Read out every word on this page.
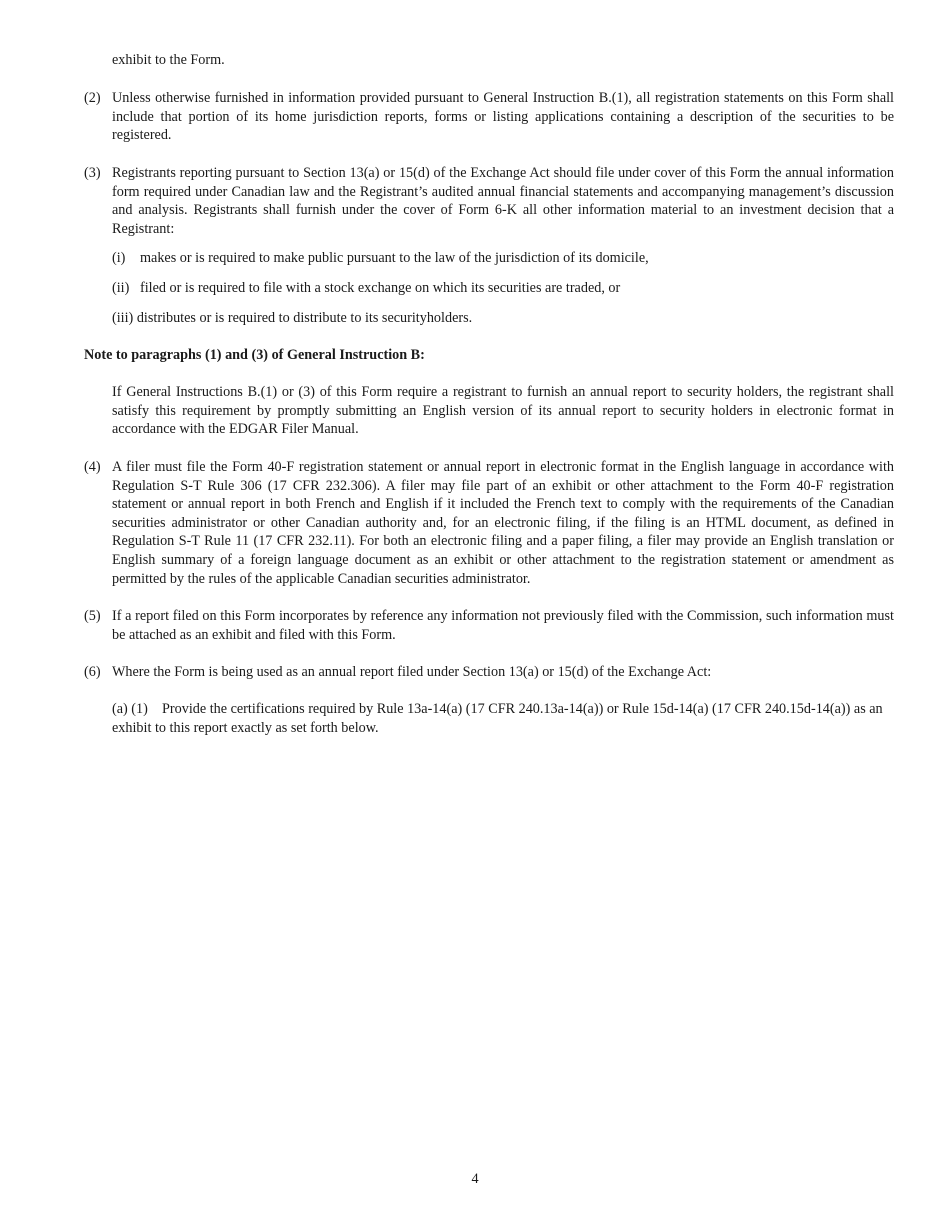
exhibit to the Form.
(2) Unless otherwise furnished in information provided pursuant to General Instruction B.(1), all registration statements on this Form shall include that portion of its home jurisdiction reports, forms or listing applications containing a description of the securities to be registered.
(3) Registrants reporting pursuant to Section 13(a) or 15(d) of the Exchange Act should file under cover of this Form the annual information form required under Canadian law and the Registrant’s audited annual financial statements and accompanying management’s discussion and analysis. Registrants shall furnish under the cover of Form 6-K all other information material to an investment decision that a Registrant:
(i) makes or is required to make public pursuant to the law of the jurisdiction of its domicile,
(ii) filed or is required to file with a stock exchange on which its securities are traded, or
(iii) distributes or is required to distribute to its securityholders.
Note to paragraphs (1) and (3) of General Instruction B:
If General Instructions B.(1) or (3) of this Form require a registrant to furnish an annual report to security holders, the registrant shall satisfy this requirement by promptly submitting an English version of its annual report to security holders in electronic format in accordance with the EDGAR Filer Manual.
(4) A filer must file the Form 40-F registration statement or annual report in electronic format in the English language in accordance with Regulation S-T Rule 306 (17 CFR 232.306). A filer may file part of an exhibit or other attachment to the Form 40-F registration statement or annual report in both French and English if it included the French text to comply with the requirements of the Canadian securities administrator or other Canadian authority and, for an electronic filing, if the filing is an HTML document, as defined in Regulation S-T Rule 11 (17 CFR 232.11). For both an electronic filing and a paper filing, a filer may provide an English translation or English summary of a foreign language document as an exhibit or other attachment to the registration statement or amendment as permitted by the rules of the applicable Canadian securities administrator.
(5) If a report filed on this Form incorporates by reference any information not previously filed with the Commission, such information must be attached as an exhibit and filed with this Form.
(6) Where the Form is being used as an annual report filed under Section 13(a) or 15(d) of the Exchange Act:
(a) (1) Provide the certifications required by Rule 13a-14(a) (17 CFR 240.13a-14(a)) or Rule 15d-14(a) (17 CFR 240.15d-14(a)) as an exhibit to this report exactly as set forth below.
4
